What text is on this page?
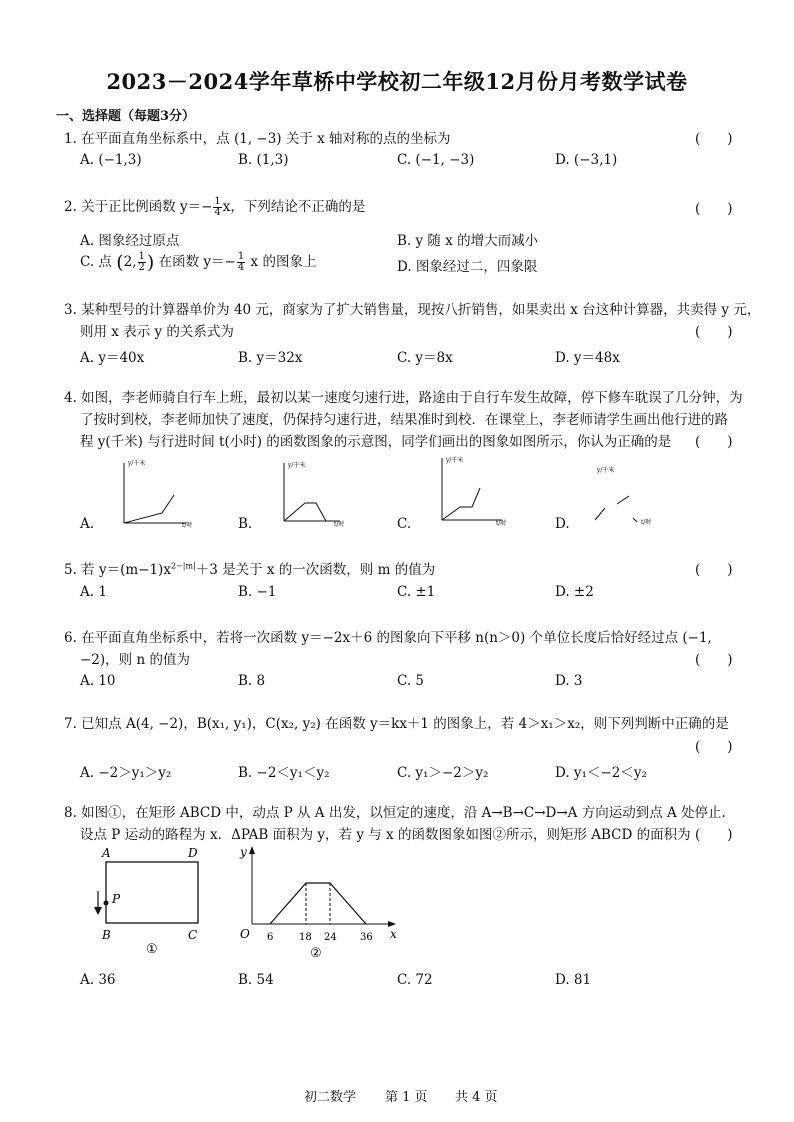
2023－2024学年草桥中学校初二年级12月份月考数学试卷
一、选择题（每题3分）
1. 在平面直角坐标系中，点 (1, −3) 关于 x 轴对称的点的坐标为	(　　)
A. (−1,3)	B. (1,3)	C. (−1, −3)	D. (−3,1)
2. 关于正比例函数 $y=- \frac{1}{4}$ x，下列结论不正确的是	(　　)
A. 图象经过原点	B. y 随 x 的增大而减小
C. 点 (2, $\frac{1}{2}$ ) 在函数 $y=- \frac{1}{4}$ x 的图象上	D. 图象经过二，四象限
3. 某种型号的计算器单价为 40 元，商家为了扩大销售量，现按八折销售，如果卖出 x 台这种计算器，共卖得 y 元，
则用 x 表示 y 的关系式为	(　　)
A. y＝40x	B. y＝32x	C. y＝8x	D. y＝48x
4. 如图，李老师骑自行车上班，最初以某一速度匀速行进，路途由于自行车发生故障，停下修车耽误了几分钟，为
了按时到校，李老师加快了速度，仍保持匀速行进，结果准时到校．在课堂上，李老师请学生画出他行进的路
程 y(千米) 与行进时间 t(小时) 的函数图象的示意图，同学们画出的图象如图所示，你认为正确的是 (　　)
A.
y/千米
t/时	B.
y/千米
t/时	C.
y/千米
t/时	D.
y/千米
t/时
5. 若 $y=(m-1)x^{2-|m|}+3$ 是关于 x 的一次函数，则 m 的值为	(　　)
A. 1	B. −1	C. ±1	D. ±2
6. 在平面直角坐标系中，若将一次函数 y＝−2x＋6 的图象向下平移 n(n＞0) 个单位长度后恰好经过点 (−1,
−2)，则 n 的值为	(　　)
A. 10	B. 8	C. 5	D. 3
7. 已知点 A(4, −2)，B(x₁, y₁)，C(x₂, y₂) 在函数 y＝kx＋1 的图象上，若 4＞x₁＞x₂，则下列判断中正确的是
(　　)
A. −2＞y₁＞y₂	B. −2＜y₁＜y₂	C. y₁＞−2＞y₂	D. y₁＜−2＜y₂
8. 如图①，在矩形 ABCD 中，动点 P 从 A 出发，以恒定的速度，沿 A→B→C→D→A 方向运动到点 A 处停止.
设点 P 运动的路程为 x．ΔPAB 面积为 y，若 y 与 x 的函数图象如图②所示，则矩形 ABCD 的面积为 (　　)
A	D
B	C
P
①
y
O	x
6	18 24 36
②
A. 36	B. 54	C. 72	D. 81
初二数学 第 1 页 共 4 页
